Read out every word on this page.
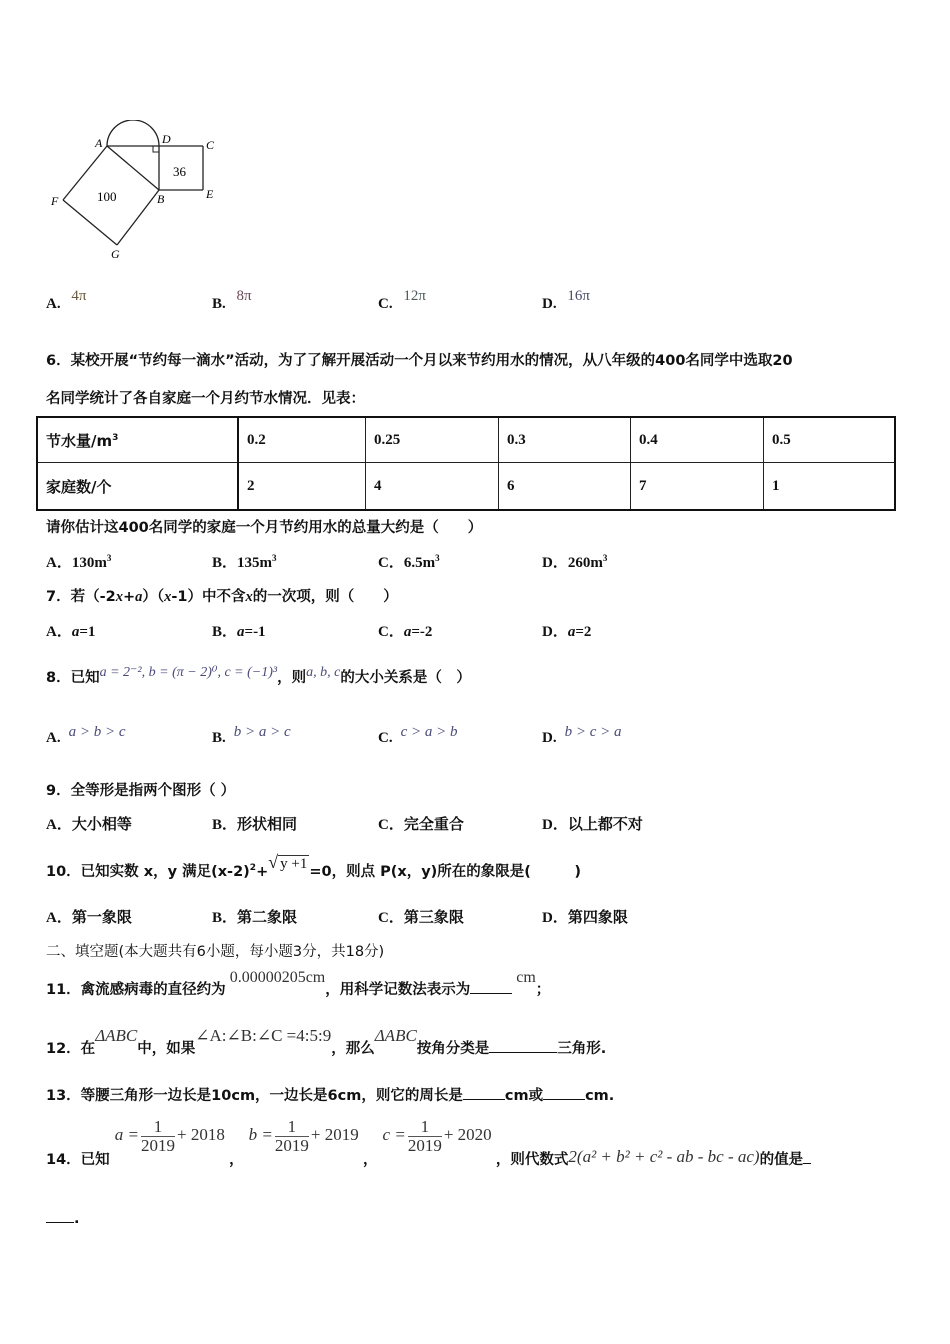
A	D	C
E
B
F
G
100
36
A. 4π	B. 8π	C. 12π	D. 16π
6．某校开展“节约每一滴水”活动，为了了解开展活动一个月以来节约用水的情况，从八年级的400名同学中选取20
名同学统计了各自家庭一个月约节水情况．见表：
节水量$/m^3$	0.2	0.25	0.3	0.4	0.5
家庭数/个	2	4	6	7	1
请你估计这400名同学的家庭一个月节约用水的总量大约是（　　）
A．$130m^3$	B．$135m^3$	C．$6.5m^3$	D．$260m^3$
7．若（-2x+a）（x-1）中不含x的一次项，则（　　）
A．a=1	B．a=-1	C．a=-2	D．a=2
8．已知a = 2⁻², b = (π − 2)⁰, c = (−1)³，则a, b, c的大小关系是（　）
A. a > b > c	B. b > a > c	C. c > a > b	D. b > c > a
9．全等形是指两个图形（ ）
A．大小相等	B．形状相同	C．完全重合	D．以上都不对
10．已知实数 x，y 满足$(x-2)^2+√$ y +1 =0，则点 P(x，y)所在的象限是(　　　)
A．第一象限	B．第二象限	C．第三象限	D．第四象限
二、填空题(本大题共有6小题，每小题3分，共18分)
11．禽流感病毒的直径约为0.00000205cm，用科学记数法表示为cm；
12．在ΔABC中，如果∠A:∠B:∠C =4:5:9，那么ΔABC按角分类是	三角形.
13．等腰三角形一边长是10cm，一边长是6cm，则它的周长是	cm或	cm.
14．已知 $a = \frac{1}{2019} + 2018$ ， $b = \frac{1}{2019} + 2019$ ， $c = \frac{1}{2019} + 2020$ ，则代数式2(a² + b² + c² - ab - bc - ac)的值是
.
